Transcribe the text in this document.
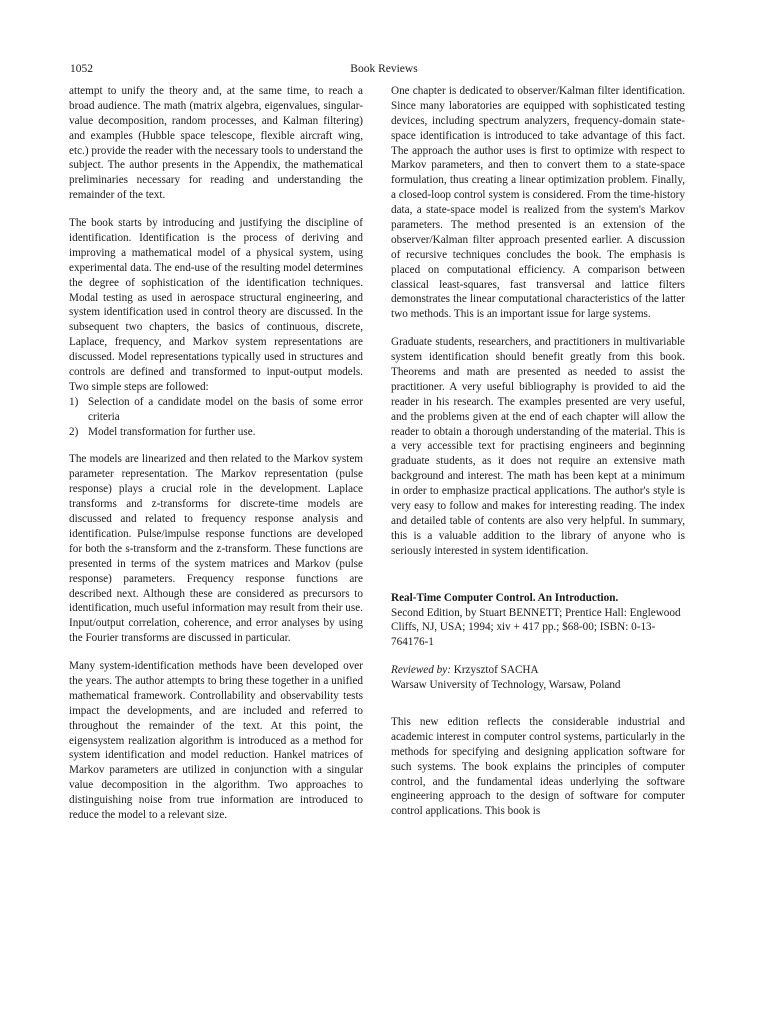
1052	Book Reviews

attempt to unify the theory and, at the same time, to reach a broad audience. The math (matrix algebra, eigenvalues, singular-value decomposition, random processes, and Kalman filtering) and examples (Hubble space telescope, flexible aircraft wing, etc.) provide the reader with the necessary tools to understand the subject. The author presents in the Appendix, the mathematical preliminaries necessary for reading and understanding the remainder of the text.

The book starts by introducing and justifying the discipline of identification. Identification is the process of deriving and improving a mathematical model of a physical system, using experimental data. The end-use of the resulting model determines the degree of sophistication of the identification techniques. Modal testing as used in aerospace structural engineering, and system identification used in control theory are discussed. In the subsequent two chapters, the basics of continuous, discrete, Laplace, frequency, and Markov system representations are discussed. Model representations typically used in structures and controls are defined and transformed to input-output models. Two simple steps are followed:

1) Selection of a candidate model on the basis of some error criteria
2) Model transformation for further use.

The models are linearized and then related to the Markov system parameter representation. The Markov representation (pulse response) plays a crucial role in the development. Laplace transforms and z-transforms for discrete-time models are discussed and related to frequency response analysis and identification. Pulse/impulse response functions are developed for both the s-transform and the z-transform. These functions are presented in terms of the system matrices and Markov (pulse response) parameters. Frequency response functions are described next. Although these are considered as precursors to identification, much useful information may result from their use. Input/output correlation, coherence, and error analyses by using the Fourier transforms are discussed in particular.

Many system-identification methods have been developed over the years. The author attempts to bring these together in a unified mathematical framework. Controllability and observability tests impact the developments, and are included and referred to throughout the remainder of the text. At this point, the eigensystem realization algorithm is introduced as a method for system identification and model reduction. Hankel matrices of Markov parameters are utilized in conjunction with a singular value decomposition in the algorithm. Two approaches to distinguishing noise from true information are introduced to reduce the model to a relevant size.

One chapter is dedicated to observer/Kalman filter identification. Since many laboratories are equipped with sophisticated testing devices, including spectrum analyzers, frequency-domain state-space identification is introduced to take advantage of this fact. The approach the author uses is first to optimize with respect to Markov parameters, and then to convert them to a state-space formulation, thus creating a linear optimization problem. Finally, a closed-loop control system is considered. From the time-history data, a state-space model is realized from the system's Markov parameters. The method presented is an extension of the observer/Kalman filter approach presented earlier. A discussion of recursive techniques concludes the book. The emphasis is placed on computational efficiency. A comparison between classical least-squares, fast transversal and lattice filters demonstrates the linear computational characteristics of the latter two methods. This is an important issue for large systems.

Graduate students, researchers, and practitioners in multivariable system identification should benefit greatly from this book. Theorems and math are presented as needed to assist the practitioner. A very useful bibliography is provided to aid the reader in his research. The examples presented are very useful, and the problems given at the end of each chapter will allow the reader to obtain a thorough understanding of the material. This is a very accessible text for practising engineers and beginning graduate students, as it does not require an extensive math background and interest. The math has been kept at a minimum in order to emphasize practical applications. The author's style is very easy to follow and makes for interesting reading. The index and detailed table of contents are also very helpful. In summary, this is a valuable addition to the library of anyone who is seriously interested in system identification.

Real-Time Computer Control. An Introduction.
Second Edition, by Stuart BENNETT; Prentice Hall: Englewood Cliffs, NJ, USA; 1994; xiv + 417 pp.; $68-00; ISBN: 0-13-764176-1
Reviewed by: Krzysztof SACHA
Warsaw University of Technology, Warsaw, Poland

This new edition reflects the considerable industrial and academic interest in computer control systems, particularly in the methods for specifying and designing application software for such systems. The book explains the principles of computer control, and the fundamental ideas underlying the software engineering approach to the design of software for computer control applications. This book is
